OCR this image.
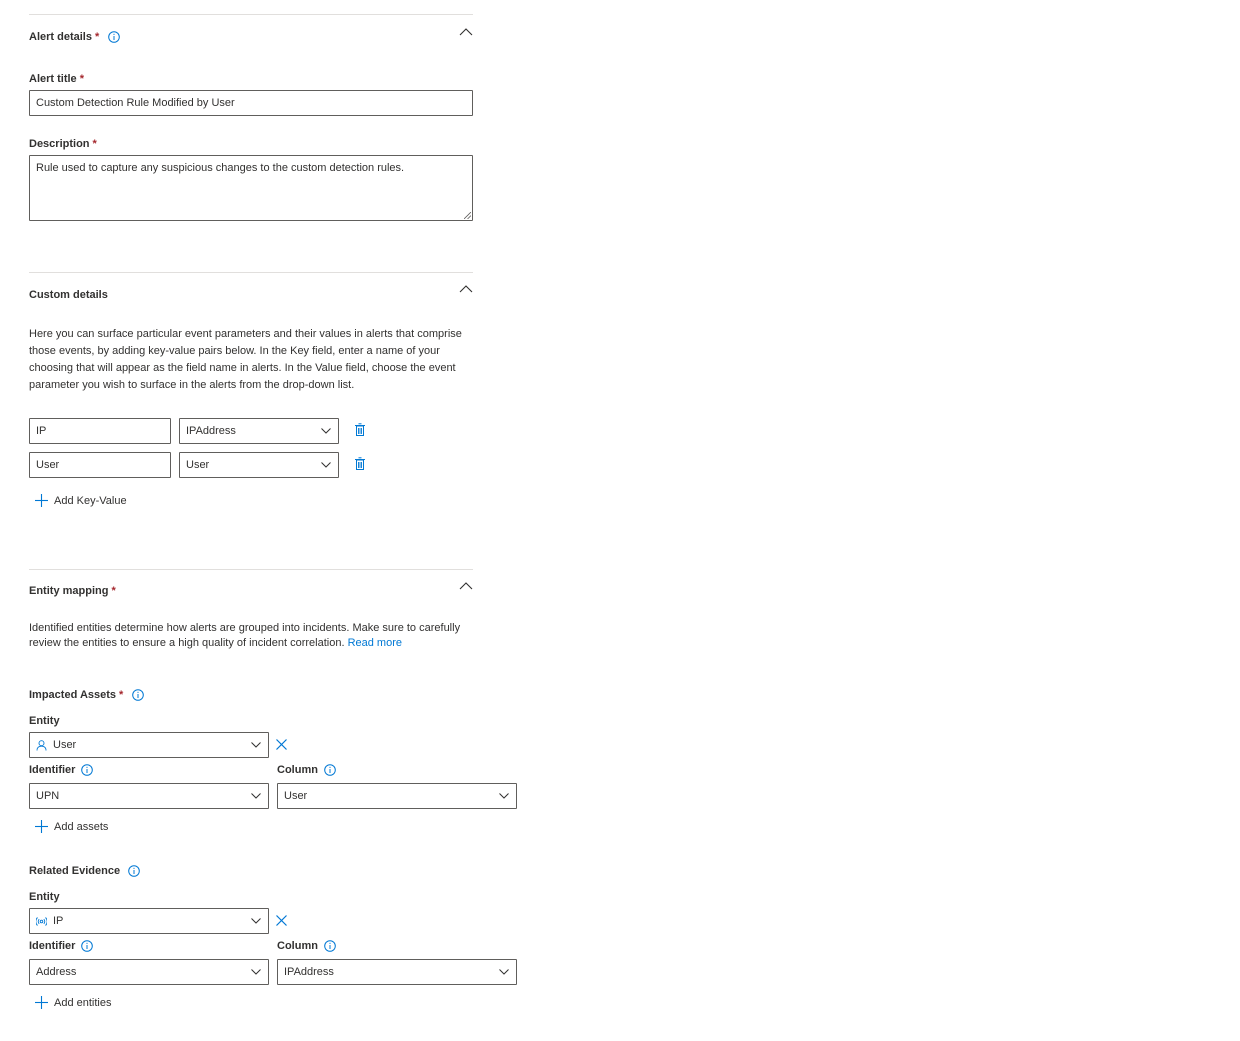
Alert details *
Alert title *
Custom Detection Rule Modified by User
Description *
Rule used to capture any suspicious changes to the custom detection rules.
Custom details
Here you can surface particular event parameters and their values in alerts that comprise those events, by adding key-value pairs below. In the Key field, enter a name of your choosing that will appear as the field name in alerts. In the Value field, choose the event parameter you wish to surface in the alerts from the drop-down list.
IP	IPAddress
User	User
Add Key-Value
Entity mapping *
Identified entities determine how alerts are grouped into incidents. Make sure to carefully review the entities to ensure a high quality of incident correlation. Read more
Impacted Assets *
Entity
User
Identifier	Column
UPN	User
Add assets
Related Evidence
Entity
IP
Identifier	Column
Address	IPAddress
Add entities
